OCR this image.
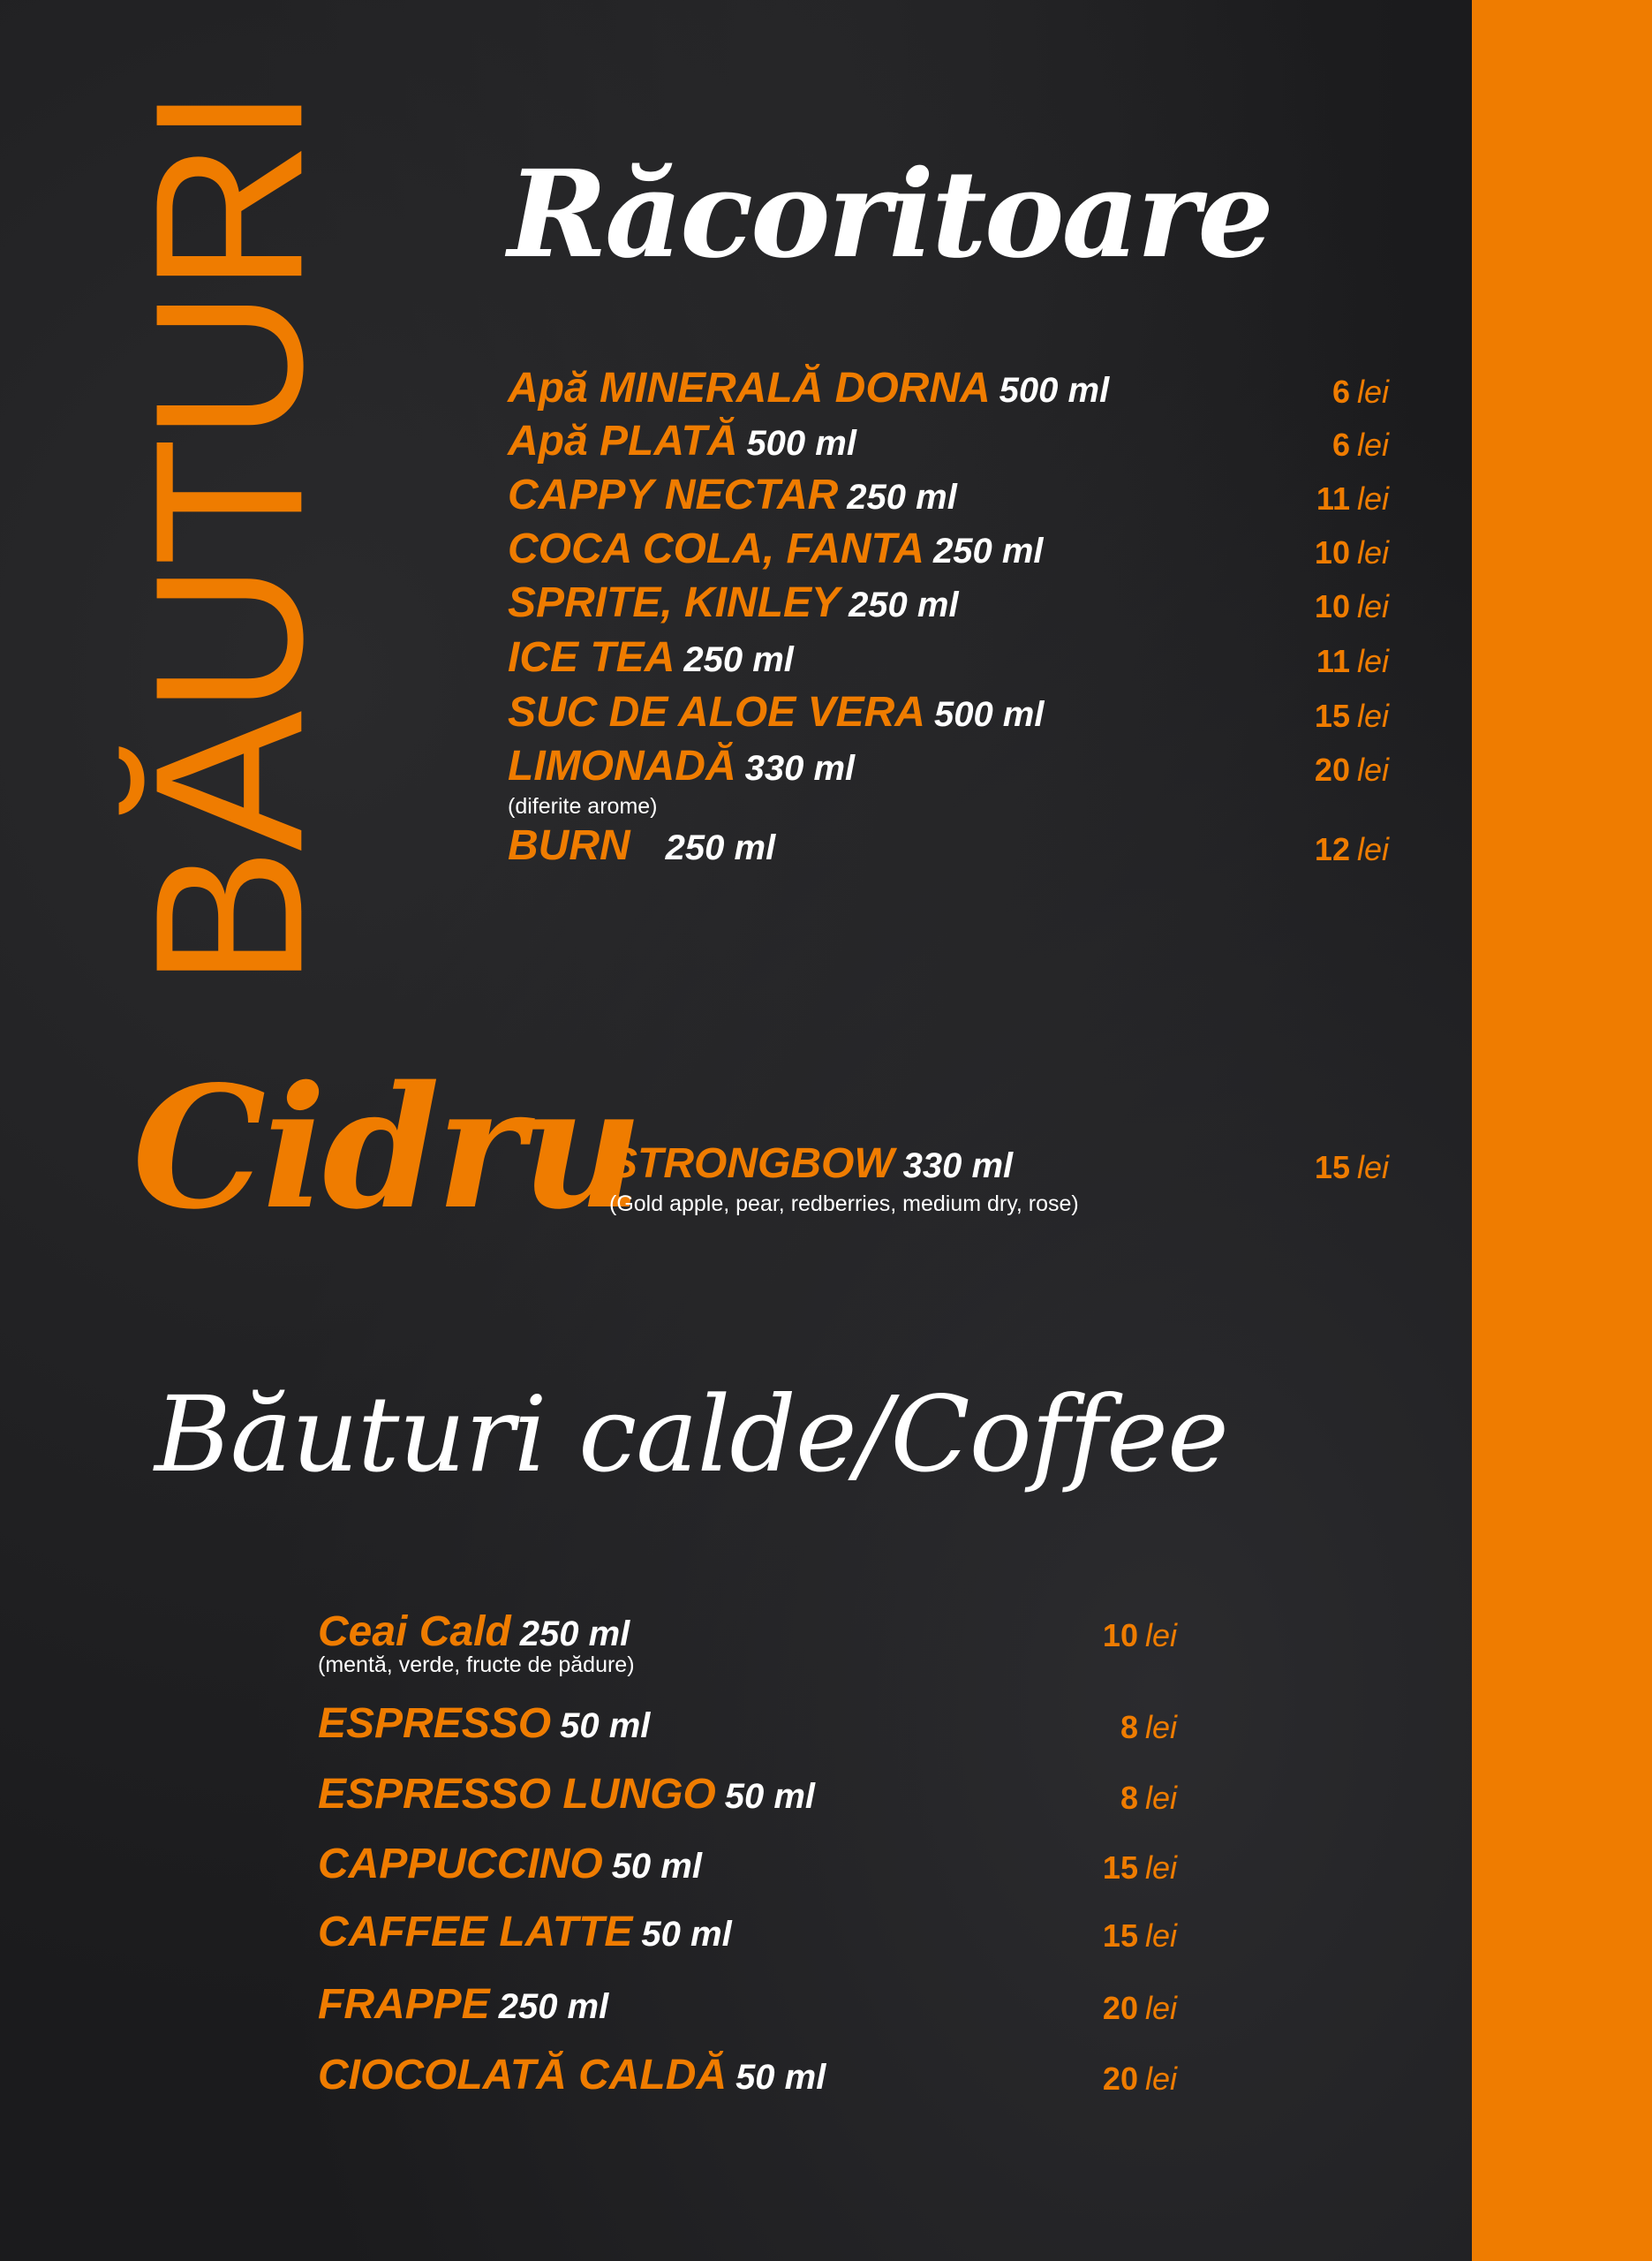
BĂUTURI Răcoritoare
Apă MINERALĂ DORNA 500 ml	6 lei
Apă PLATĂ 500 ml	6 lei
CAPPY NECTAR 250 ml	11 lei
COCA COLA, FANTA 250 ml	10 lei
SPRITE, KINLEY 250 ml	10 lei
ICE TEA 250 ml	11 lei
SUC DE ALOE VERA 500 ml	15 lei
LIMONADĂ 330 ml	20 lei
(diferite arome)
BURN 250 ml	12 lei
Cidru
STRONGBOW 330 ml	15 lei
(Gold apple, pear, redberries, medium dry, rose)
Băuturi calde/Coffee
Ceai Cald 250 ml	10 lei
(mentă, verde, fructe de pădure)
ESPRESSO 50 ml	8 lei
ESPRESSO LUNGO 50 ml	8 lei
CAPPUCCINO 50 ml	15 lei
CAFFEE LATTE 50 ml	15 lei
FRAPPE 250 ml	20 lei
CIOCOLATĂ CALDĂ 50 ml	20 lei
